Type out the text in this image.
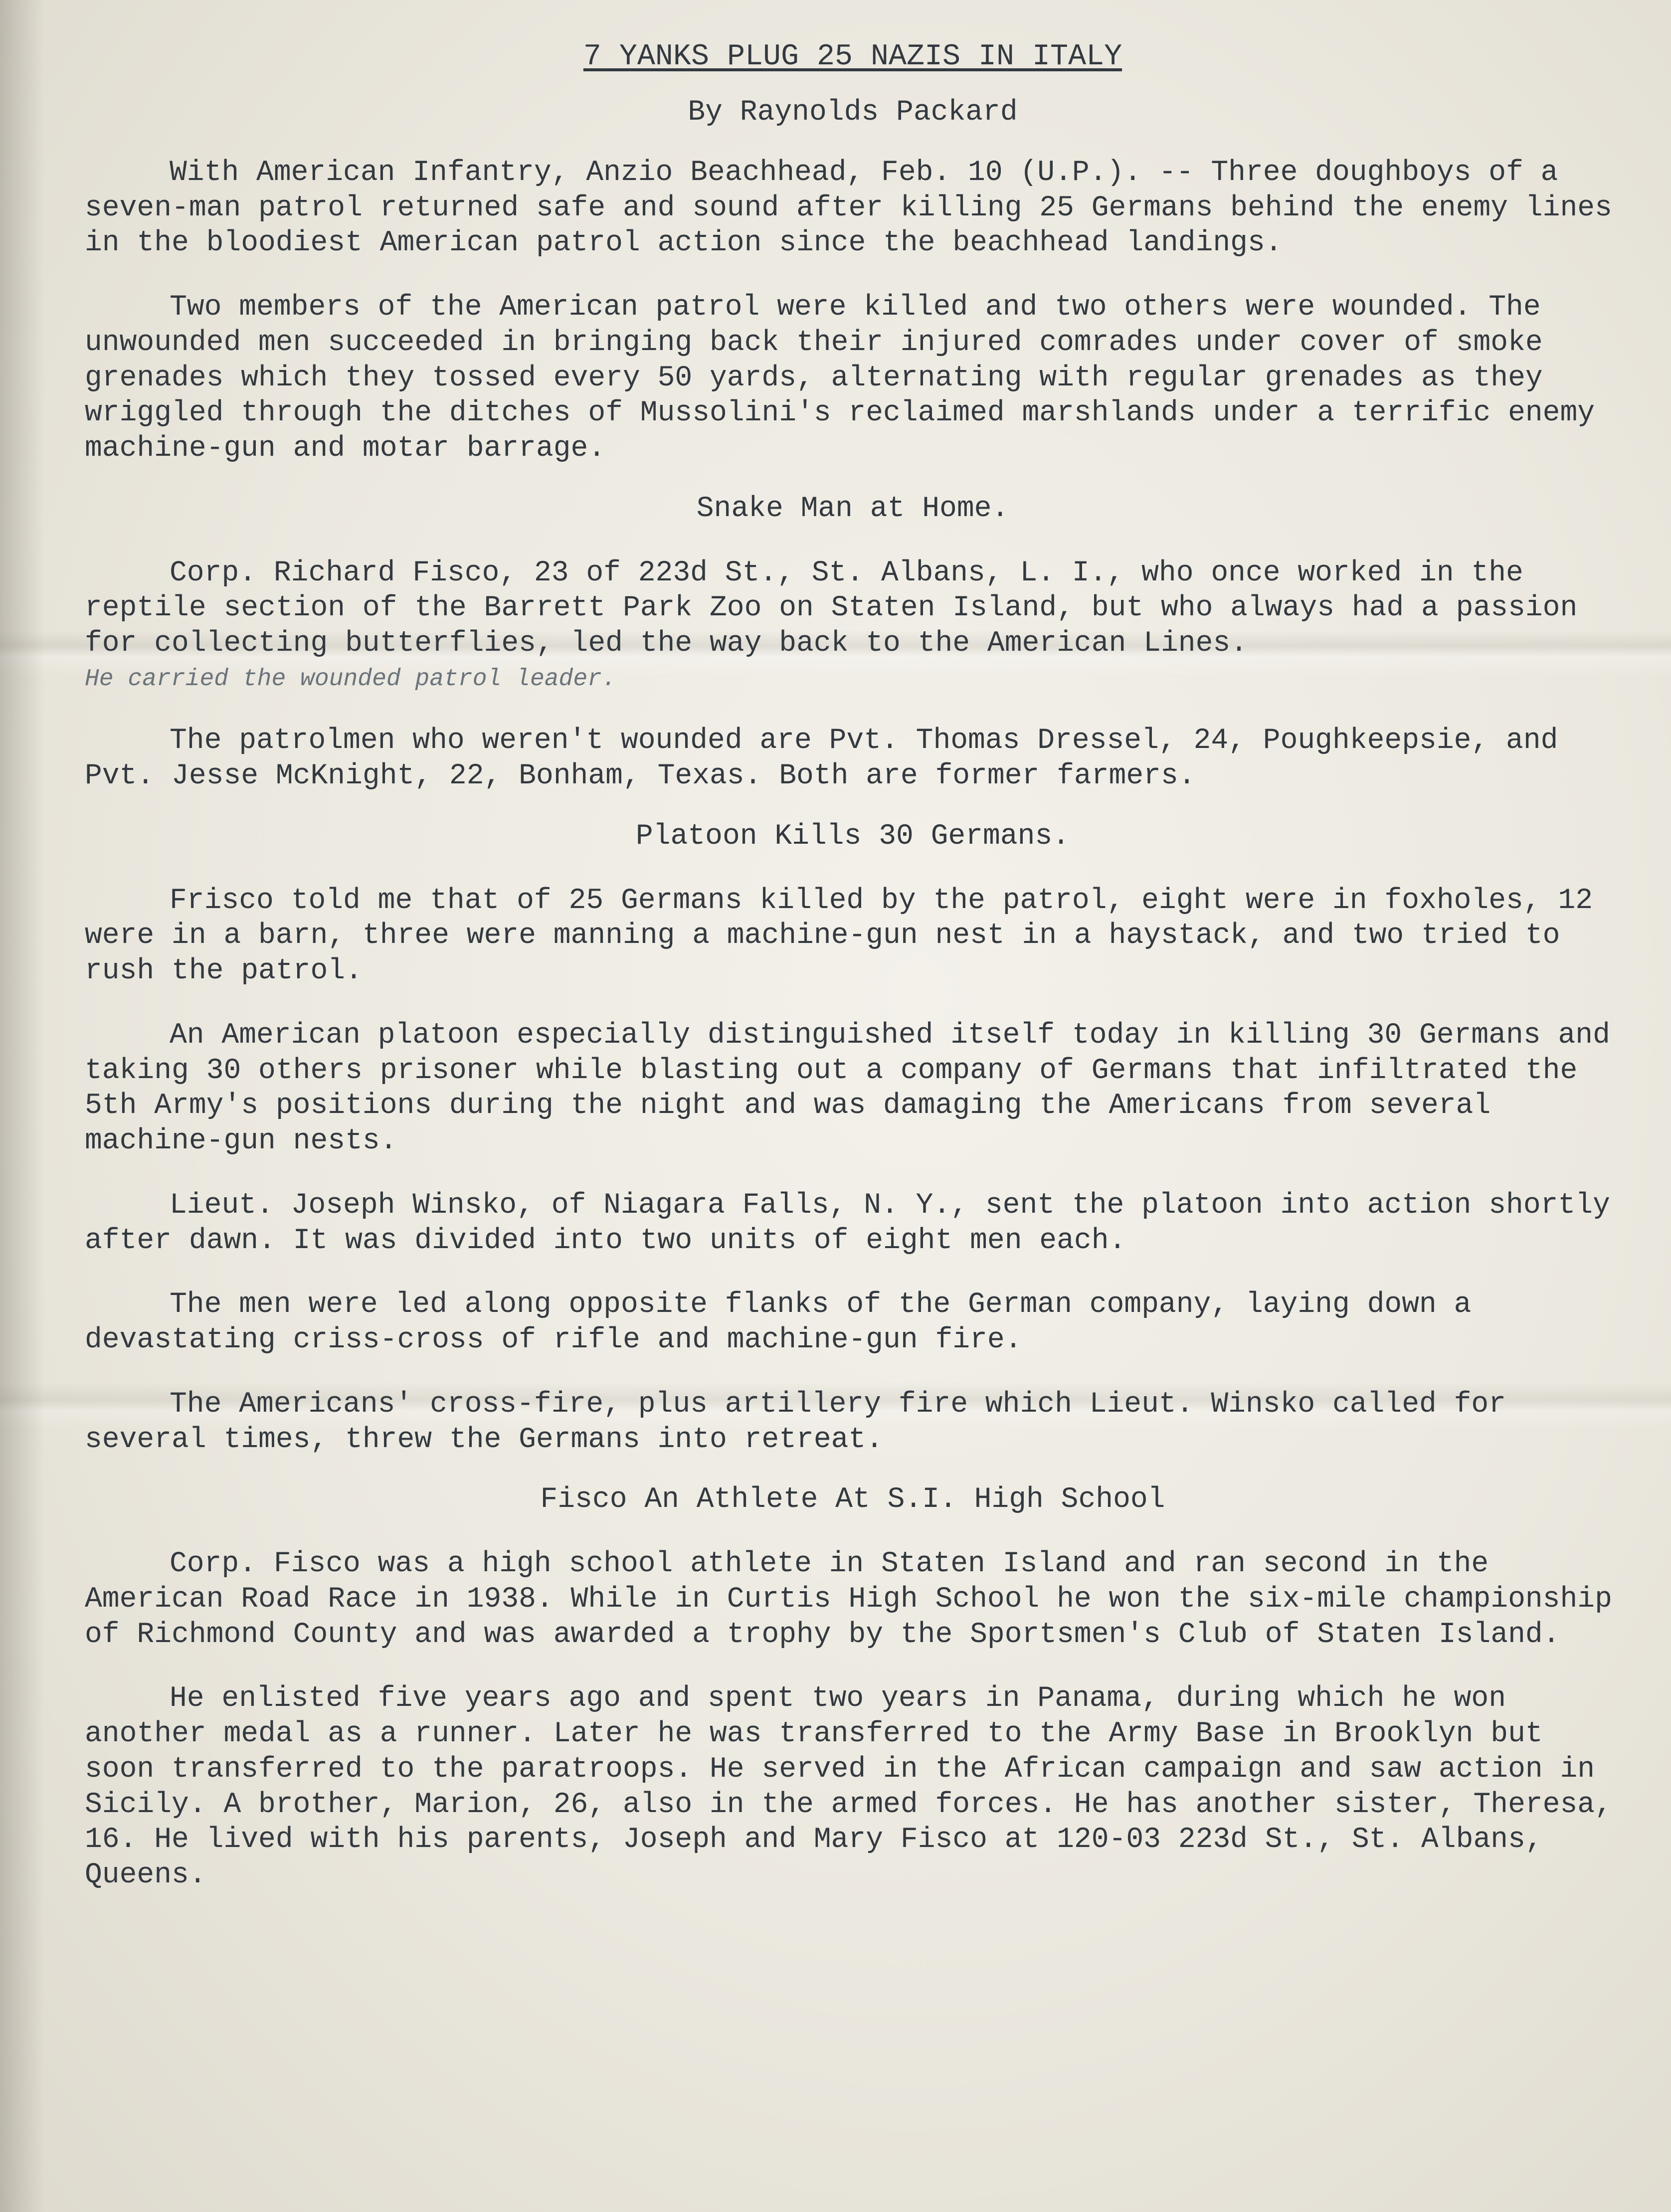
7 YANKS PLUG 25 NAZIS IN ITALY
By Raynolds Packard

With American Infantry, Anzio Beachhead, Feb. 10 (U.P.). -- Three doughboys of a seven-man patrol returned safe and sound after killing 25 Germans behind the enemy lines in the bloodiest American patrol action since the beachhead landings.

Two members of the American patrol were killed and two others were wounded. The unwounded men succeeded in bringing back their injured comrades under cover of smoke grenades which they tossed every 50 yards, alternating with regular grenades as they wriggled through the ditches of Mussolini's reclaimed marshlands under a terrific enemy machine-gun and motar barrage.

Snake Man at Home.

Corp. Richard Fisco, 23 of 223d St., St. Albans, L. I., who once worked in the reptile section of the Barrett Park Zoo on Staten Island, but who always had a passion for collecting butterflies, led the way back to the American Lines.

He carried the wounded patrol leader.

The patrolmen who weren't wounded are Pvt. Thomas Dressel, 24, Poughkeepsie, and Pvt. Jesse McKnight, 22, Bonham, Texas. Both are former farmers.

Platoon Kills 30 Germans.

Frisco told me that of 25 Germans killed by the patrol, eight were in foxholes, 12 were in a barn, three were manning a machine-gun nest in a haystack, and two tried to rush the patrol.

An American platoon especially distinguished itself today in killing 30 Germans and taking 30 others prisoner while blasting out a company of Germans that infiltrated the 5th Army's positions during the night and was damaging the Americans from several machine-gun nests.

Lieut. Joseph Winsko, of Niagara Falls, N. Y., sent the platoon into action shortly after dawn. It was divided into two units of eight men each.

The men were led along opposite flanks of the German company, laying down a devastating criss-cross of rifle and machine-gun fire.

The Americans' cross-fire, plus artillery fire which Lieut. Winsko called for several times, threw the Germans into retreat.

Fisco An Athlete At S.I. High School

Corp. Fisco was a high school athlete in Staten Island and ran second in the American Road Race in 1938. While in Curtis High School he won the six-mile championship of Richmond County and was awarded a trophy by the Sportsmen's Club of Staten Island.

He enlisted five years ago and spent two years in Panama, during which he won another medal as a runner. Later he was transferred to the Army Base in Brooklyn but soon transferred to the paratroops. He served in the African campaign and saw action in Sicily. A brother, Marion, 26, also in the armed forces. He has another sister, Theresa, 16. He lived with his parents, Joseph and Mary Fisco at 120-03 223d St., St. Albans, Queens.
